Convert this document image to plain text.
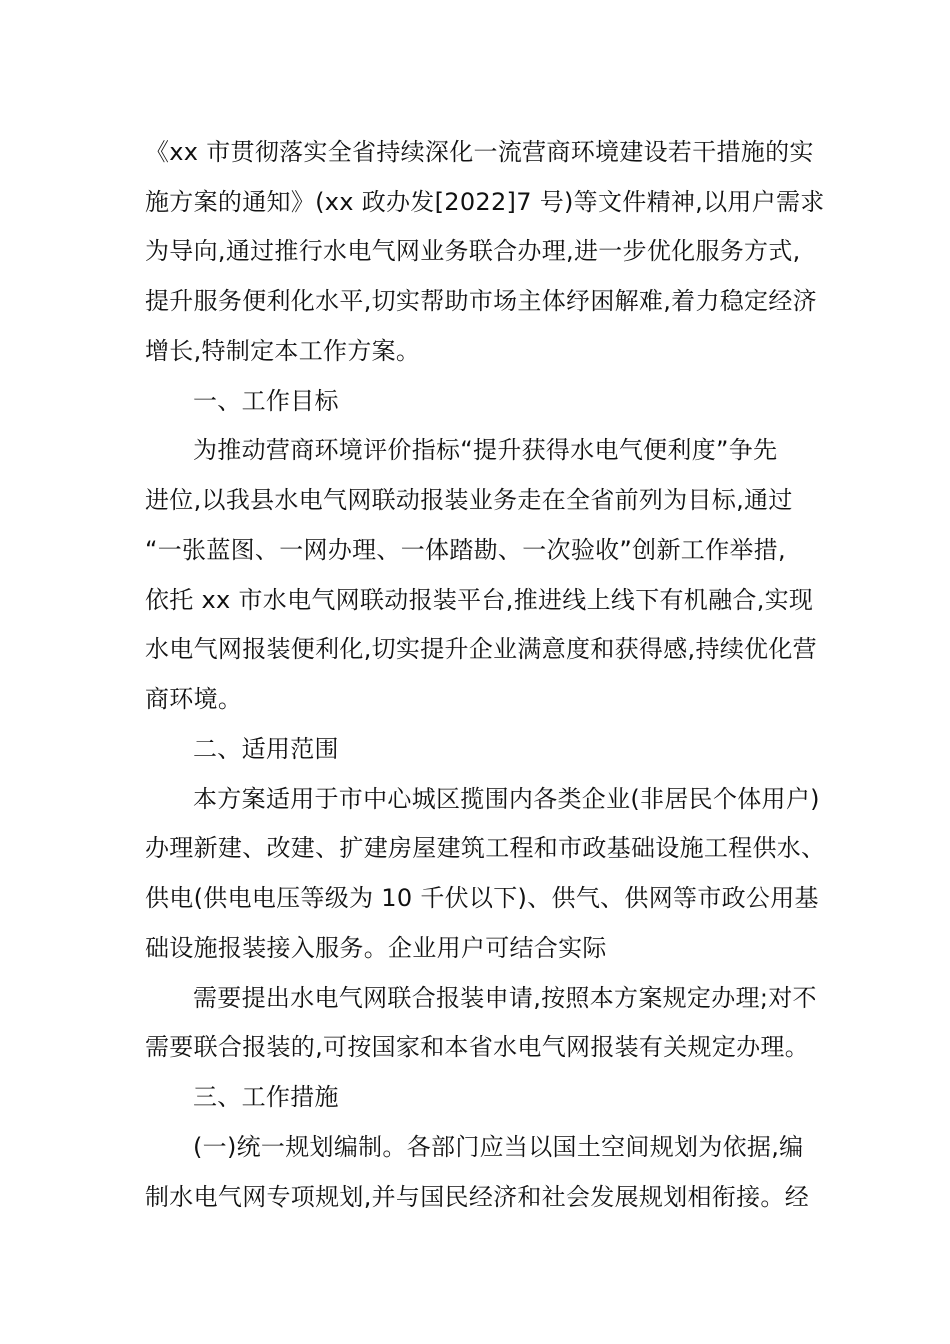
《xx 市贯彻落实全省持续深化一流营商环境建设若干措施的实
施方案的通知》(xx 政办发[2022]7 号)等文件精神,以用户需求
为导向,通过推行水电气网业务联合办理,进一步优化服务方式,
提升服务便利化水平,切实帮助市场主体纾困解难,着力稳定经济
增长,特制定本工作方案。
一、工作目标
为推动营商环境评价指标“提升获得水电气便利度”争先
进位,以我县水电气网联动报装业务走在全省前列为目标,通过
“一张蓝图、一网办理、一体踏勘、一次验收”创新工作举措,
依托 xx 市水电气网联动报装平台,推进线上线下有机融合,实现
水电气网报装便利化,切实提升企业满意度和获得感,持续优化营
商环境。
二、适用范围
本方案适用于市中心城区揽围内各类企业(非居民个体用户)
办理新建、改建、扩建房屋建筑工程和市政基础设施工程供水、
供电(供电电压等级为 10 千伏以下)、供气、供网等市政公用基
础设施报装接入服务。企业用户可结合实际
需要提出水电气网联合报装申请,按照本方案规定办理;对不
需要联合报装的,可按国家和本省水电气网报装有关规定办理。
三、工作措施
(一)统一规划编制。各部门应当以国土空间规划为依据,编
制水电气网专项规划,并与国民经济和社会发展规划相衔接。经
